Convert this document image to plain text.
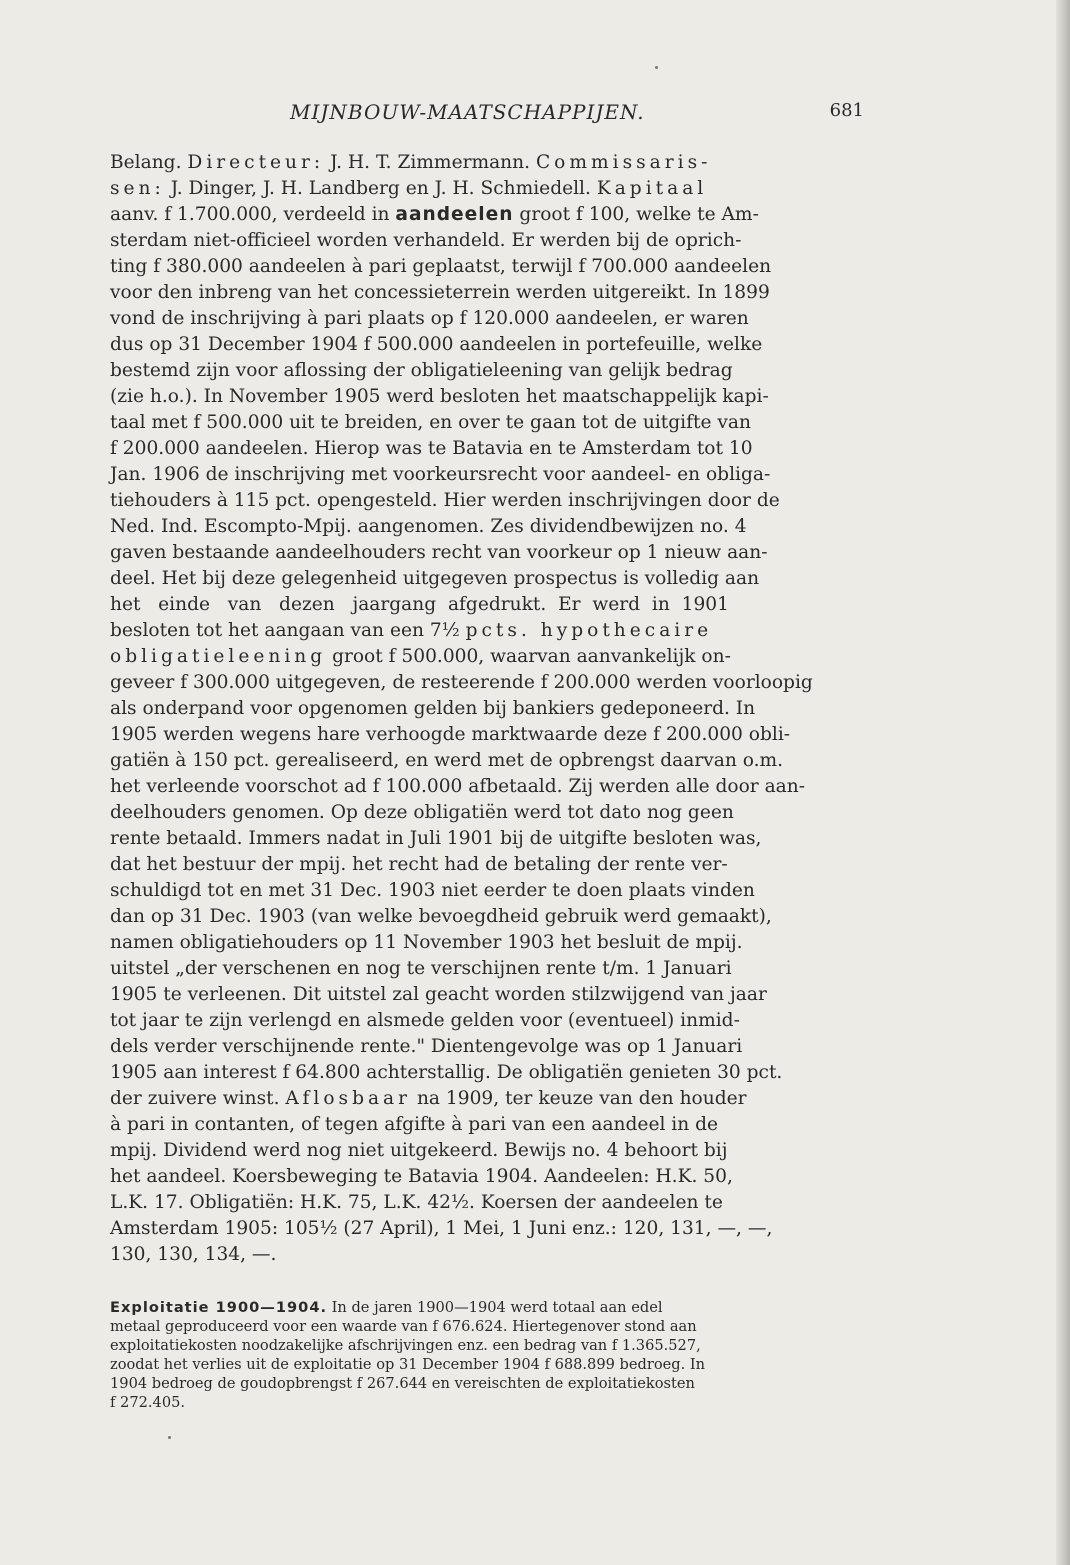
MIJNBOUW-MAATSCHAPPIJEN.	681
Belang. Directeur: J. H. T. Zimmermann. Commissaris-
sen: J. Dinger, J. H. Landberg en J. H. Schmiedell. Kapitaal
aanv. f 1.700.000, verdeeld in aandeelen groot f 100, welke te Am-
sterdam niet-officieel worden verhandeld. Er werden bij de oprich-
ting f 380.000 aandeelen à pari geplaatst, terwijl f 700.000 aandeelen
voor den inbreng van het concessieterrein werden uitgereikt. In 1899
vond de inschrijving à pari plaats op f 120.000 aandeelen, er waren
dus op 31 December 1904 f 500.000 aandeelen in portefeuille, welke
bestemd zijn voor aflossing der obligatieleening van gelijk bedrag
(zie h.o.). In November 1905 werd besloten het maatschappelijk kapi-
taal met f 500.000 uit te breiden, en over te gaan tot de uitgifte van
f 200.000 aandeelen. Hierop was te Batavia en te Amsterdam tot 10
Jan. 1906 de inschrijving met voorkeursrecht voor aandeel- en obliga-
tiehouders à 115 pct. opengesteld. Hier werden inschrijvingen door de
Ned. Ind. Escompto-Mpij. aangenomen. Zes dividendbewijzen no. 4
gaven bestaande aandeelhouders recht van voorkeur op 1 nieuw aan-
deel. Het bij deze gelegenheid uitgegeven prospectus is volledig aan
het   einde   van   dezen   jaargang  afgedrukt.  Er  werd  in  1901
besloten tot het aangaan van een 7½ pcts. hypothecaire
obligatieleening groot f 500.000, waarvan aanvankelijk on-
geveer f 300.000 uitgegeven, de resteerende f 200.000 werden voorloopig
als onderpand voor opgenomen gelden bij bankiers gedeponeerd. In
1905 werden wegens hare verhoogde marktwaarde deze f 200.000 obli-
gatiën à 150 pct. gerealiseerd, en werd met de opbrengst daarvan o.m.
het verleende voorschot ad f 100.000 afbetaald. Zij werden alle door aan-
deelhouders genomen. Op deze obligatiën werd tot dato nog geen
rente betaald. Immers nadat in Juli 1901 bij de uitgifte besloten was,
dat het bestuur der mpij. het recht had de betaling der rente ver-
schuldigd tot en met 31 Dec. 1903 niet eerder te doen plaats vinden
dan op 31 Dec. 1903 (van welke bevoegdheid gebruik werd gemaakt),
namen obligatiehouders op 11 November 1903 het besluit de mpij.
uitstel „der verschenen en nog te verschijnen rente t/m. 1 Januari
1905 te verleenen. Dit uitstel zal geacht worden stilzwijgend van jaar
tot jaar te zijn verlengd en alsmede gelden voor (eventueel) inmid-
dels verder verschijnende rente." Dientengevolge was op 1 Januari
1905 aan interest f 64.800 achterstallig. De obligatiën genieten 30 pct.
der zuivere winst. Aflosbaar na 1909, ter keuze van den houder
à pari in contanten, of tegen afgifte à pari van een aandeel in de
mpij. Dividend werd nog niet uitgekeerd. Bewijs no. 4 behoort bij
het aandeel. Koersbeweging te Batavia 1904. Aandeelen: H.K. 50,
L.K. 17. Obligatiën: H.K. 75, L.K. 42½. Koersen der aandeelen te
Amsterdam 1905: 105½ (27 April), 1 Mei, 1 Juni enz.: 120, 131, —, —,
130, 130, 134, —.
Exploitatie 1900—1904. In de jaren 1900—1904 werd totaal aan edel
metaal geproduceerd voor een waarde van f 676.624. Hiertegenover stond aan
exploitatiekosten noodzakelijke afschrijvingen enz. een bedrag van f 1.365.527,
zoodat het verlies uit de exploitatie op 31 December 1904 f 688.899 bedroeg. In
1904 bedroeg de goudopbrengst f 267.644 en vereischten de exploitatiekosten
f 272.405.
